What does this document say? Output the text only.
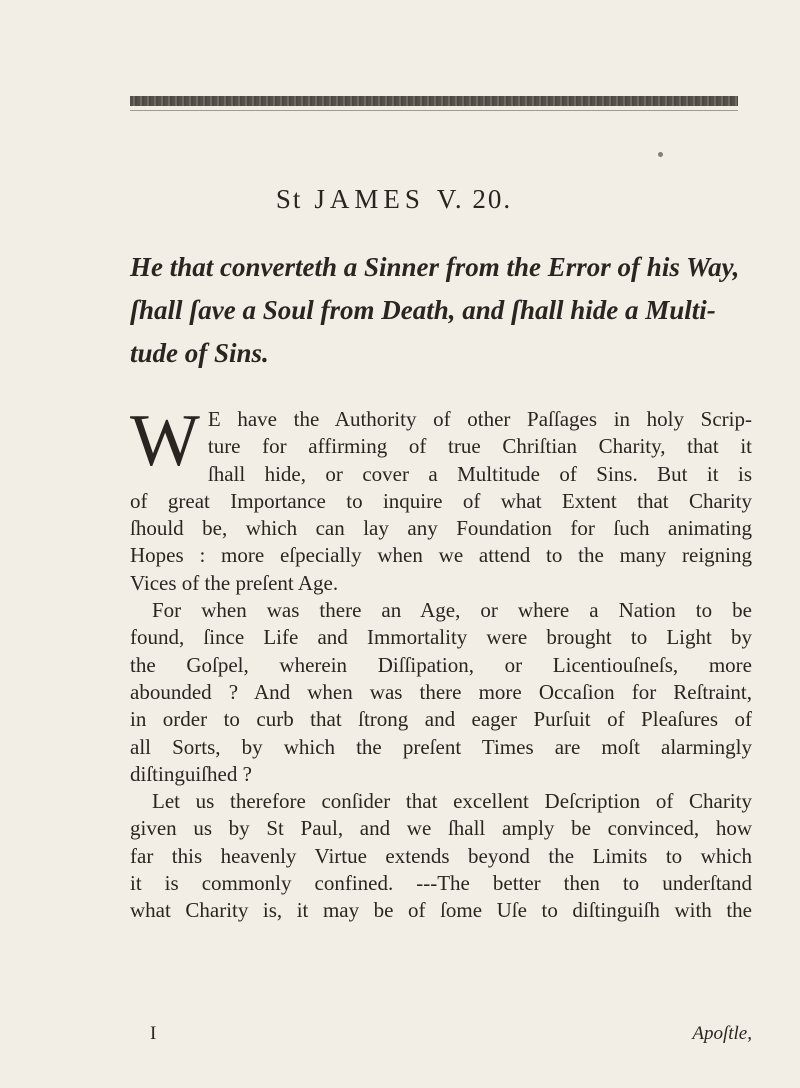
St JAMES V. 20.
He that converteth a Sinner from the Error of his Way,
ſhall ſave a Soul from Death, and ſhall hide a Multi-
tude of Sins.
W E have the Authority of other Paſſages in holy Scrip-
ture for affirming of true Chriſtian Charity, that it
ſhall hide, or cover a Multitude of Sins. But it is
of great Importance to inquire of what Extent that Charity
ſhould be, which can lay any Foundation for ſuch animating
Hopes : more eſpecially when we attend to the many reigning
Vices of the preſent Age.
For when was there an Age, or where a Nation to be
found, ſince Life and Immortality were brought to Light by
the Goſpel, wherein Diſſipation, or Licentiouſneſs, more
abounded ? And when was there more Occaſion for Reſtraint,
in order to curb that ſtrong and eager Purſuit of Pleaſures of
all Sorts, by which the preſent Times are moſt alarmingly
diſtinguiſhed ?
Let us therefore conſider that excellent Deſcription of Charity
given us by St Paul, and we ſhall amply be convinced, how
far this heavenly Virtue extends beyond the Limits to which
it is commonly confined. ---The better then to underſtand
what Charity is, it may be of ſome Uſe to diſtinguiſh with the
I	Apoſtle,
